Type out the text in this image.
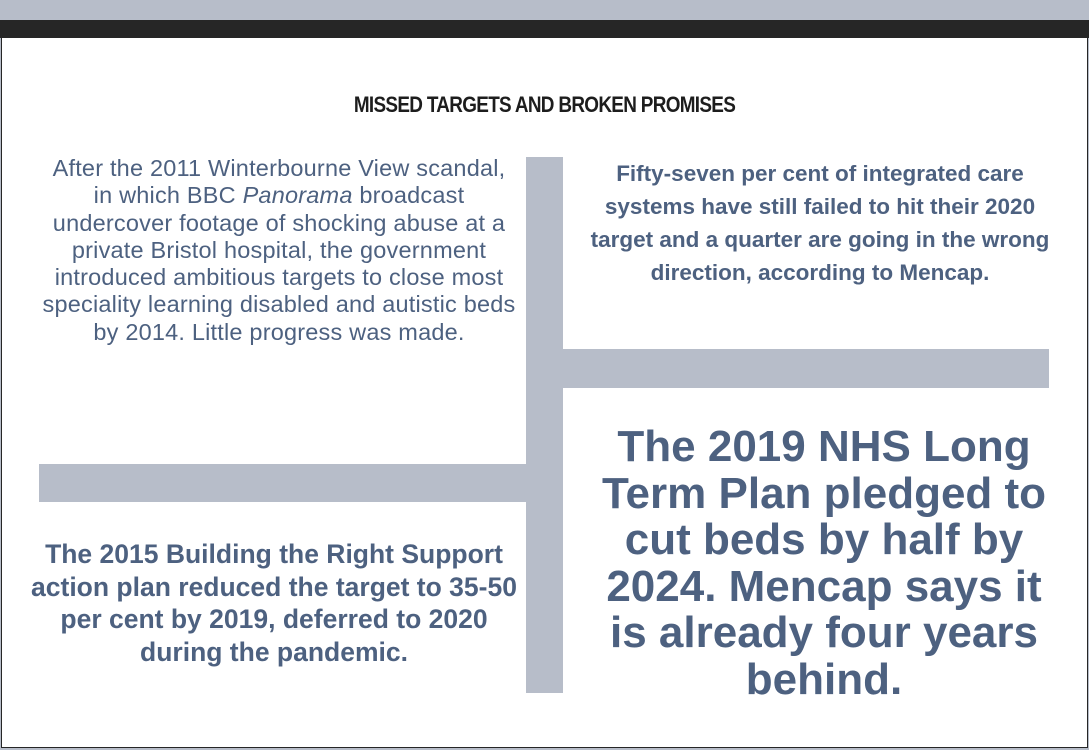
MISSED TARGETS AND BROKEN PROMISES
After the 2011 Winterbourne View scandal, in which BBC Panorama broadcast undercover footage of shocking abuse at a private Bristol hospital, the government introduced ambitious targets to close most speciality learning disabled and autistic beds by 2014. Little progress was made.
Fifty-seven per cent of integrated care systems have still failed to hit their 2020 target and a quarter are going in the wrong direction, according to Mencap.
The 2015 Building the Right Support action plan reduced the target to 35-50 per cent by 2019, deferred to 2020 during the pandemic.
The 2019 NHS Long Term Plan pledged to cut beds by half by 2024. Mencap says it is already four years behind.
